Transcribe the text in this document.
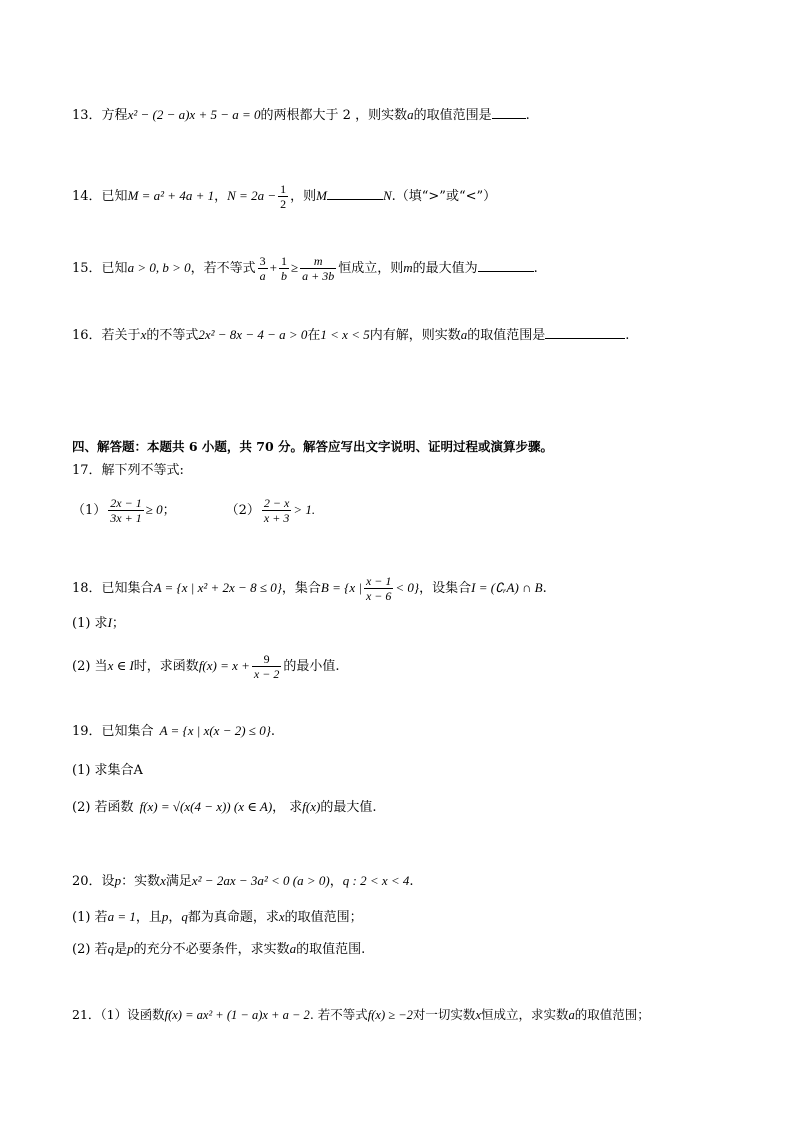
13．方程x² − (2 − a)x + 5 − a = 0的两根都大于 2 ，则实数a的取值范围是	.
14．已知M = a² + 4a + 1，$N = 2a - \frac{1}{2}$ ，则M	N.（填“>”或“<”）
15．已知a > 0, b > 0，若不等式 $\frac{3}{a} + \frac{1}{b} \ge \frac{m}{a + 3b}$ 恒成立，则m的最大值为	.
16．若关于x的不等式2x² − 8x − 4 − a > 0在1 < x < 5内有解，则实数a的取值范围是	.
四、解答题：本题共 6 小题，共 70 分。解答应写出文字说明、证明过程或演算步骤。
17．解下列不等式:
$(1) \frac{2x - 1}{3x + 1} \ge 0$；	$(2) \frac{2 - x}{x + 3} > 1$.
18．已知集合A = {x | x² + 2x − 8 ≤ 0}，集合B = {x | $\frac{x - 1}{x - 6} < 0$}，设集合I = (∁ᵣA) ∩ B.
(1) 求I；
(2) 当x ∈ I时，求函数$f(x) = x + \frac{9}{x - 2}$ 的最小值.
19．已知集合 A = {x | x(x − 2) ≤ 0}.
(1) 求集合A
(2) 若函数 f(x) = √(x(4 − x)) (x ∈ A)， 求f(x)的最大值.
20．设p：实数x满足x² − 2ax − 3a² < 0 (a > 0)，q : 2 < x < 4.
(1) 若a = 1，且p，q都为真命题，求x的取值范围；
(2) 若q是p的充分不必要条件，求实数a的取值范围.
21．（1）设函数f(x) = ax² + (1 − a)x + a − 2. 若不等式f(x) ≥ −2对一切实数x恒成立，求实数a的取值范围；
